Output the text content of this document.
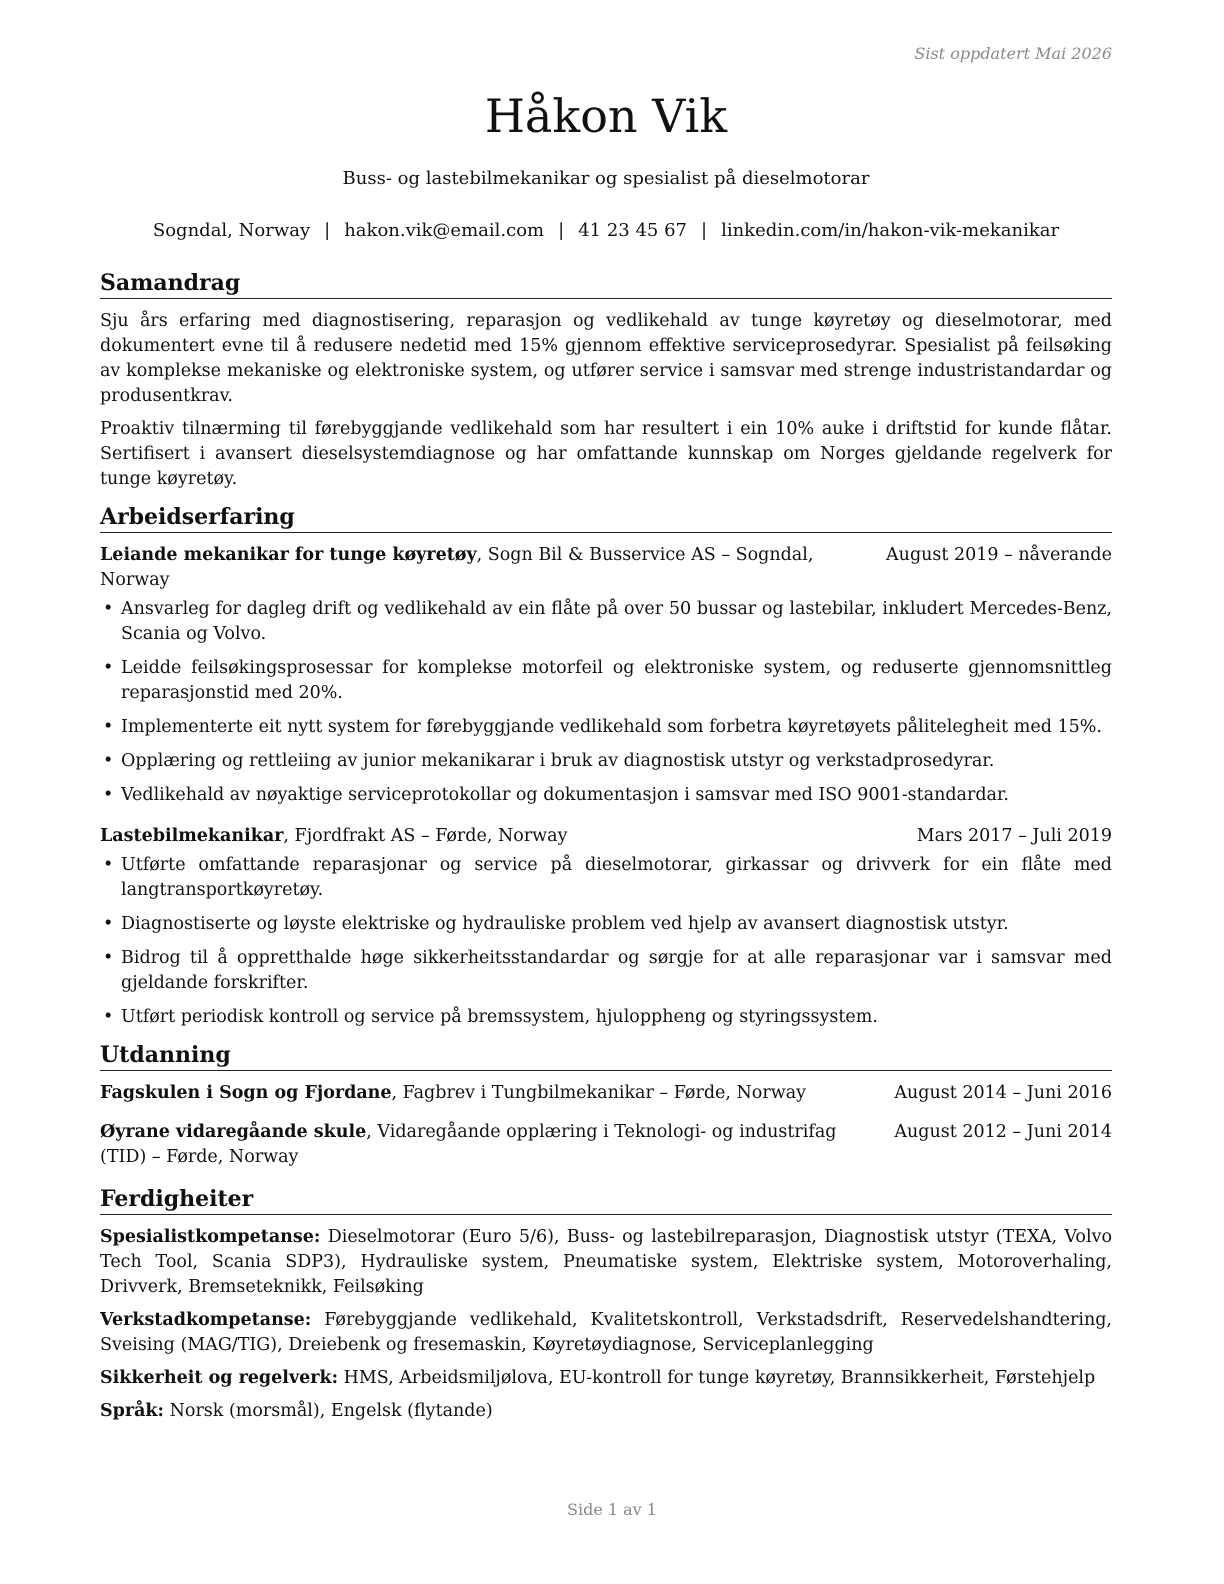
Sist oppdatert Mai 2026
Håkon Vik
Buss- og lastebilmekanikar og spesialist på dieselmotorar
Sogndal, Norway | hakon.vik@email.com | 41 23 45 67 | linkedin.com/in/hakon-vik-mekanikar
Samandrag

Sju års erfaring med diagnostisering, reparasjon og vedlikehald av tunge køyretøy og dieselmotorar, med dokumentert evne til å redusere nedetid med 15% gjennom effektive serviceprosedyrar. Spesialist på feilsøking av komplekse mekaniske og elektroniske system, og utfører service i samsvar med strenge industristandardar og produsentkrav.

Proaktiv tilnærming til førebyggjande vedlikehald som har resultert i ein 10% auke i driftstid for kunde flåtar. Sertifisert i avansert dieselsystemdiagnose og har omfattande kunnskap om Norges gjeldande regelverk for tunge køyretøy.

Arbeidserfaring
Leiande mekanikar for tunge køyretøy, Sogn Bil & Busservice AS – Sogndal, Norway
August 2019 – nåverande
• Ansvarleg for dagleg drift og vedlikehald av ein flåte på over 50 bussar og lastebilar, inkludert Mercedes-Benz, Scania og Volvo.
• Leidde feilsøkingsprosessar for komplekse motorfeil og elektroniske system, og reduserte gjennomsnittleg reparasjonstid med 20%.
• Implementerte eit nytt system for førebyggjande vedlikehald som forbetra køyretøyets pålitelegheit med 15%.
• Opplæring og rettleiing av junior mekanikarar i bruk av diagnostisk utstyr og verkstadprosedyrar.
• Vedlikehald av nøyaktige serviceprotokollar og dokumentasjon i samsvar med ISO 9001-standardar.
Lastebilmekanikar, Fjordfrakt AS – Førde, Norway	Mars 2017 – Juli 2019
• Utførte omfattande reparasjonar og service på dieselmotorar, girkassar og drivverk for ein flåte med langtransportkøyretøy.
• Diagnostiserte og løyste elektriske og hydrauliske problem ved hjelp av avansert diagnostisk utstyr.
• Bidrog til å oppretthalde høge sikkerheitsstandardar og sørgje for at alle reparasjonar var i samsvar med gjeldande forskrifter.
• Utført periodisk kontroll og service på bremssystem, hjuloppheng og styringssystem.
Utdanning
Fagskulen i Sogn og Fjordane, Fagbrev i Tungbilmekanikar – Førde, Norway	August 2014 – Juni 2016
Øyrane vidaregåande skule, Vidaregåande opplæring i Teknologi- og industrifag (TID) – Førde, Norway
August 2012 – Juni 2014
Ferdigheiter

Spesialistkompetanse: Dieselmotorar (Euro 5/6), Buss- og lastebilreparasjon, Diagnostisk utstyr (TEXA, Volvo Tech Tool, Scania SDP3), Hydrauliske system, Pneumatiske system, Elektriske system, Motoroverhaling, Drivverk, Bremseteknikk, Feilsøking

Verkstadkompetanse: Førebyggjande vedlikehald, Kvalitetskontroll, Verkstadsdrift, Reservedelshandtering, Sveising (MAG/TIG), Dreiebenk og fresemaskin, Køyretøydiagnose, Serviceplanlegging

Sikkerheit og regelverk: HMS, Arbeidsmiljølova, EU-kontroll for tunge køyretøy, Brannsikkerheit, Førstehjelp

Språk: Norsk (morsmål), Engelsk (flytande)

Side 1 av 1
